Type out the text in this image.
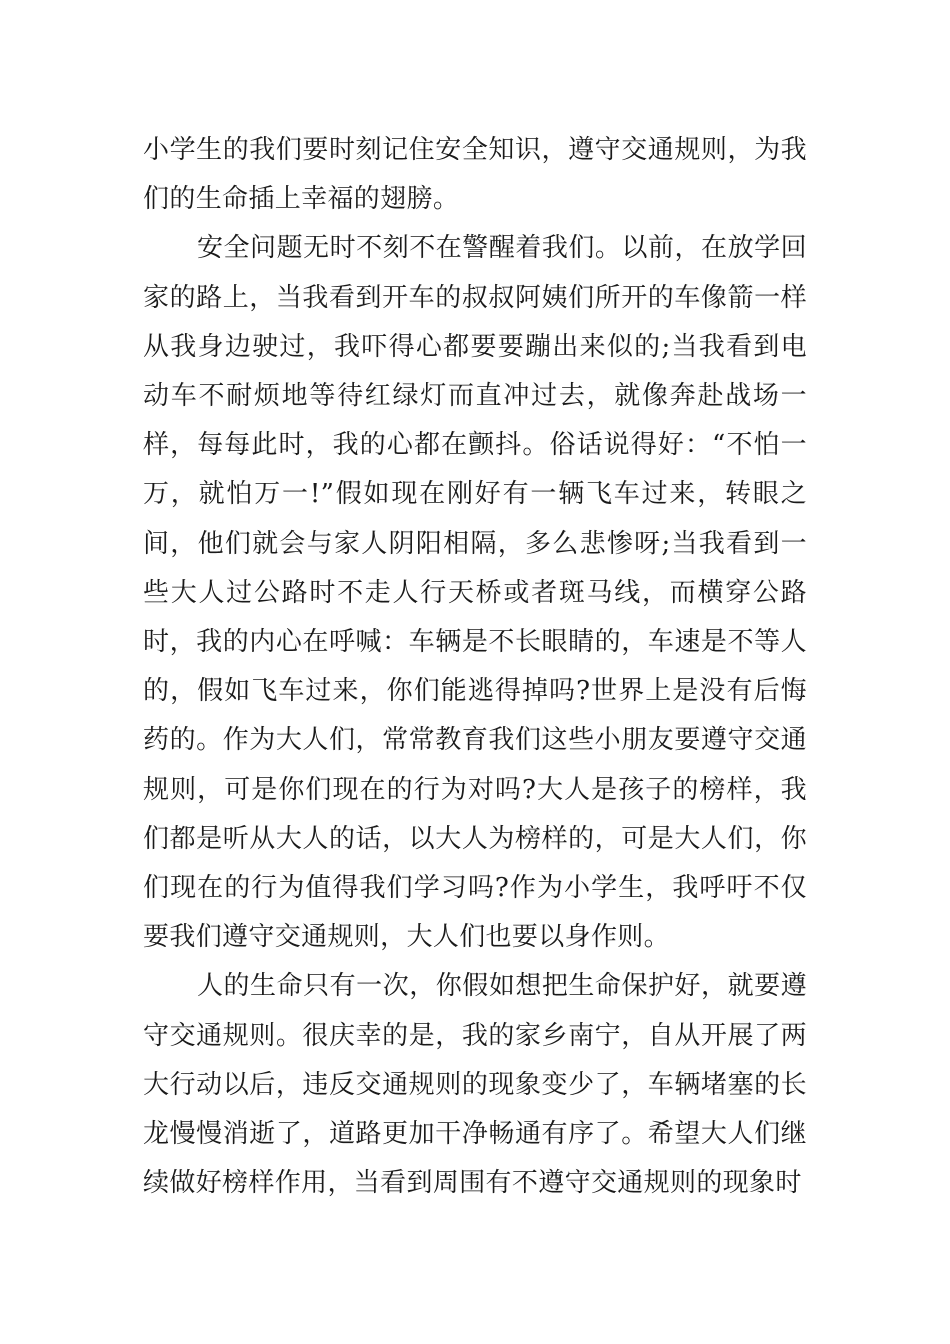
小学生的我们要时刻记住安全知识，遵守交通规则，为我们的生命插上幸福的翅膀。

安全问题无时不刻不在警醒着我们。以前，在放学回家的路上，当我看到开车的叔叔阿姨们所开的车像箭一样从我身边驶过，我吓得心都要要蹦出来似的;当我看到电动车不耐烦地等待红绿灯而直冲过去，就像奔赴战场一样，每每此时，我的心都在颤抖。俗话说得好：“不怕一万，就怕万一!”假如现在刚好有一辆飞车过来，转眼之间，他们就会与家人阴阳相隔，多么悲惨呀;当我看到一些大人过公路时不走人行天桥或者斑马线，而横穿公路时，我的内心在呼喊：车辆是不长眼睛的，车速是不等人的，假如飞车过来，你们能逃得掉吗?世界上是没有后悔药的。作为大人们，常常教育我们这些小朋友要遵守交通规则，可是你们现在的行为对吗?大人是孩子的榜样，我们都是听从大人的话，以大人为榜样的，可是大人们，你们现在的行为值得我们学习吗?作为小学生，我呼吁不仅要我们遵守交通规则，大人们也要以身作则。

人的生命只有一次，你假如想把生命保护好，就要遵守交通规则。很庆幸的是，我的家乡南宁，自从开展了两大行动以后，违反交通规则的现象变少了，车辆堵塞的长龙慢慢消逝了，道路更加干净畅通有序了。希望大人们继续做好榜样作用，当看到周围有不遵守交通规则的现象时
